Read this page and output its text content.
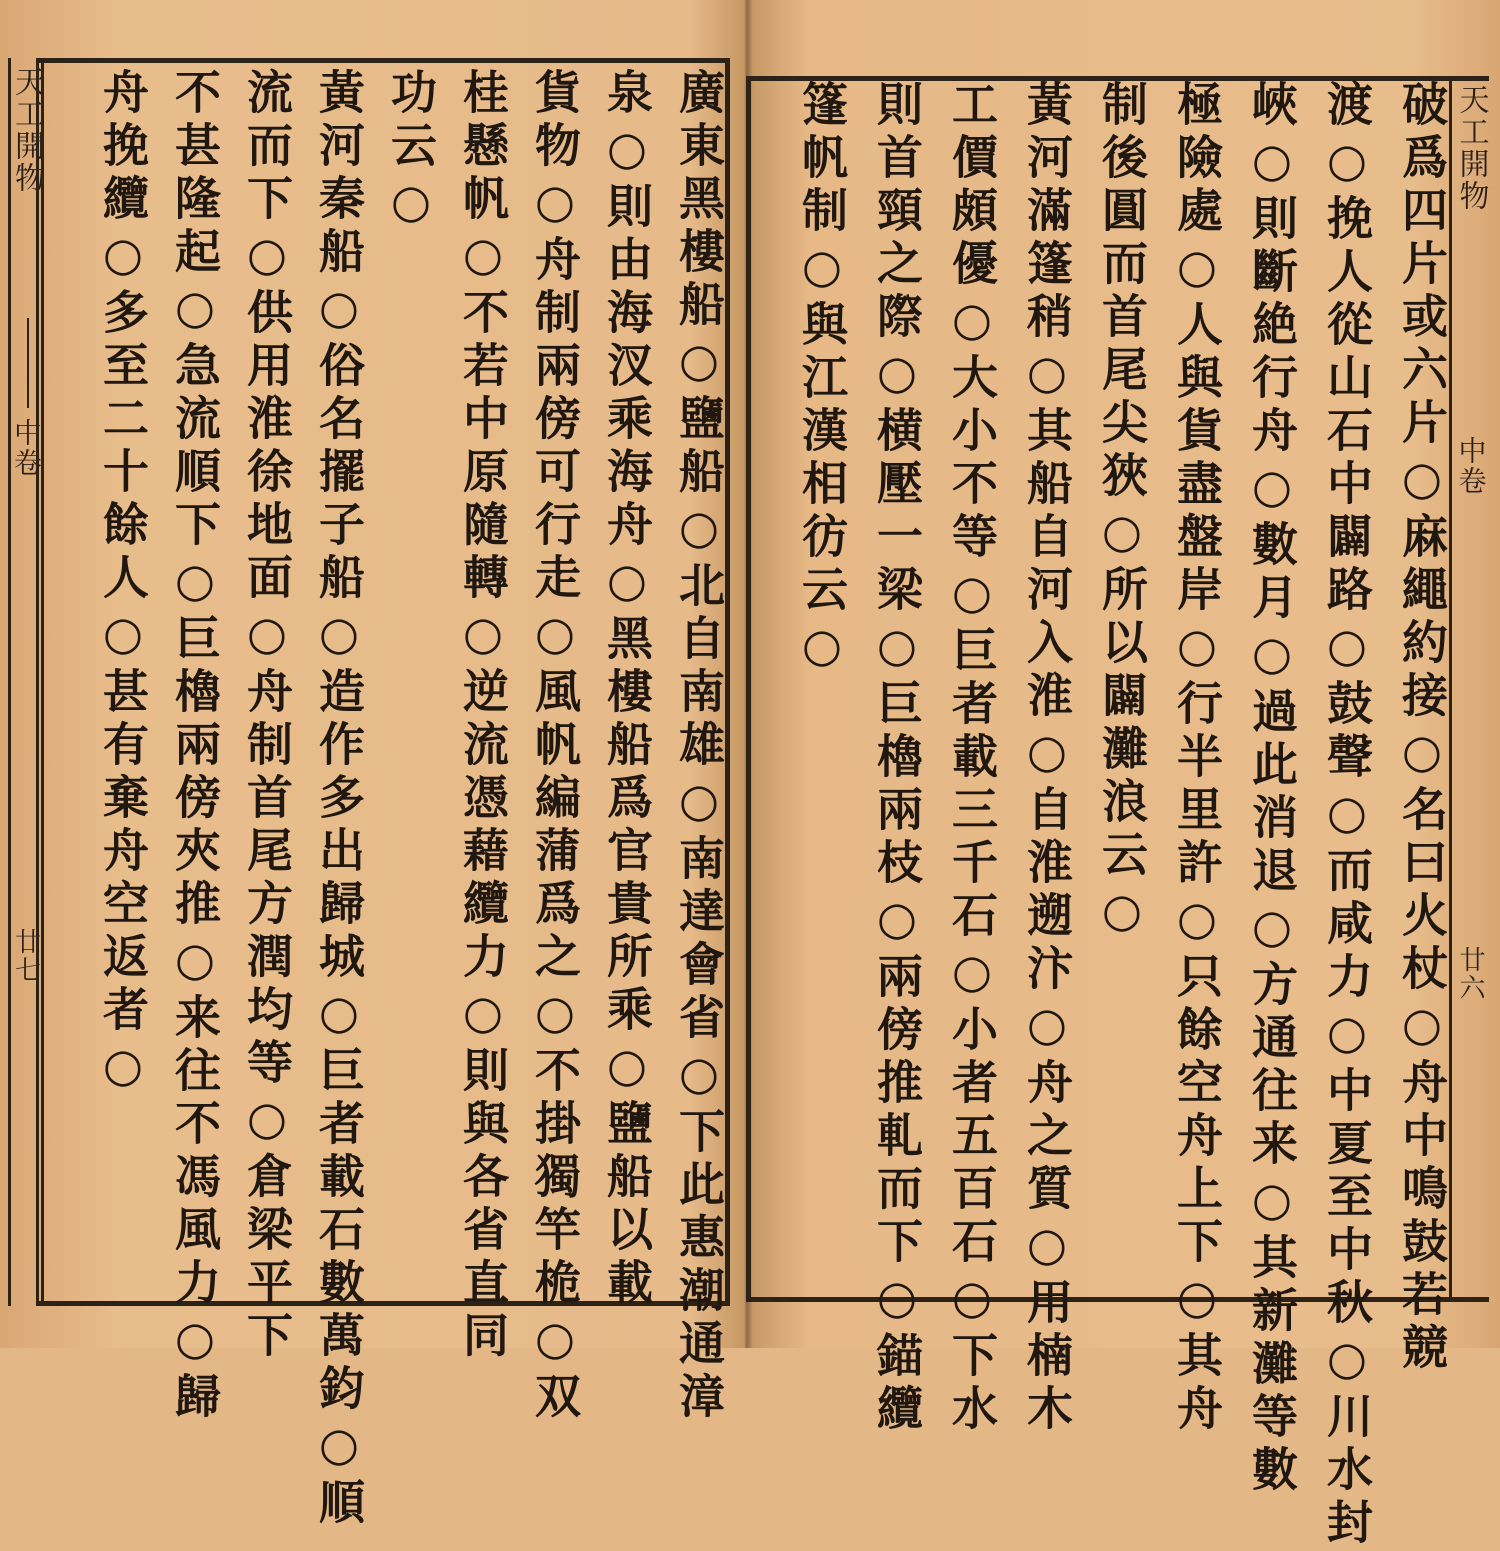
天工開物
中卷
廿七	廣東黑樓船○鹽船○北自南雄○南達會省○下此惠潮通漳
泉○則由海汊乘海舟○黑樓船爲官貴所乘○鹽船以載
貨物○舟制兩傍可行走○風帆編蒲爲之○不掛獨竿桅○双
桂懸帆○不若中原隨轉○逆流憑藉纜力○則與各省直同
功云○
黃河秦船○俗名擺子船○造作多出歸城○巨者載石數萬鈞○順
流而下○供用淮徐地面○舟制首尾方潤均等○倉梁平下
不甚隆起○急流順下○巨櫓兩傍夾推○来往不馮風力○歸
舟挽纜○多至二十餘人○甚有棄舟空返者○	天工開物
中卷
廿六
破爲四片或六片○麻繩約接○名曰火杖○舟中鳴鼓若競
渡○挽人從山石中闢路○鼓聲○而咸力○中夏至中秋○川水封
峽○則斷絶行舟○數月○過此消退○方通往来○其新灘等數
極險處○人與貨盡盤岸○行半里許○只餘空舟上下○其舟
制後圓而首尾尖狹○所以闢灘浪云○
黃河滿篷稍○其船自河入淮○自淮遡汴○舟之質○用楠木
工價頗優○大小不等○巨者載三千石○小者五百石○下水
則首頸之際○横壓一梁○巨櫓兩枝○兩傍推軋而下○錨纜
篷帆制○與江漢相彷云○
